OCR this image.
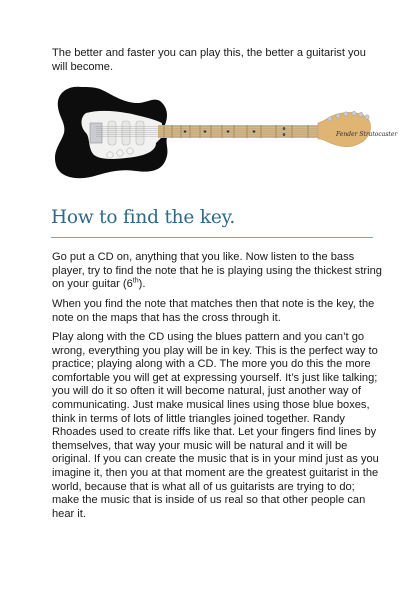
The better and faster you can play this, the better a guitarist you will become.

Fender Stratocaster
How to find the key.

Go put a CD on, anything that you like. Now listen to the bass player, try to find the note that he is playing using the thickest string on your guitar (6th).

When you find the note that matches then that note is the key, the note on the maps that has the cross through it.

Play along with the CD using the blues pattern and you can’t go wrong, everything you play will be in key. This is the perfect way to practice; playing along with a CD. The more you do this the more comfortable you will get at expressing yourself. It’s just like talking; you will do it so often it will become natural, just another way of communicating. Just make musical lines using those blue boxes, think in terms of lots of little triangles joined together. Randy Rhoades used to create riffs like that. Let your fingers find lines by themselves, that way your music will be natural and it will be original. If you can create the music that is in your mind just as you imagine it, then you at that moment are the greatest guitarist in the world, because that is what all of us guitarists are trying to do; make the music that is inside of us real so that other people can hear it.
